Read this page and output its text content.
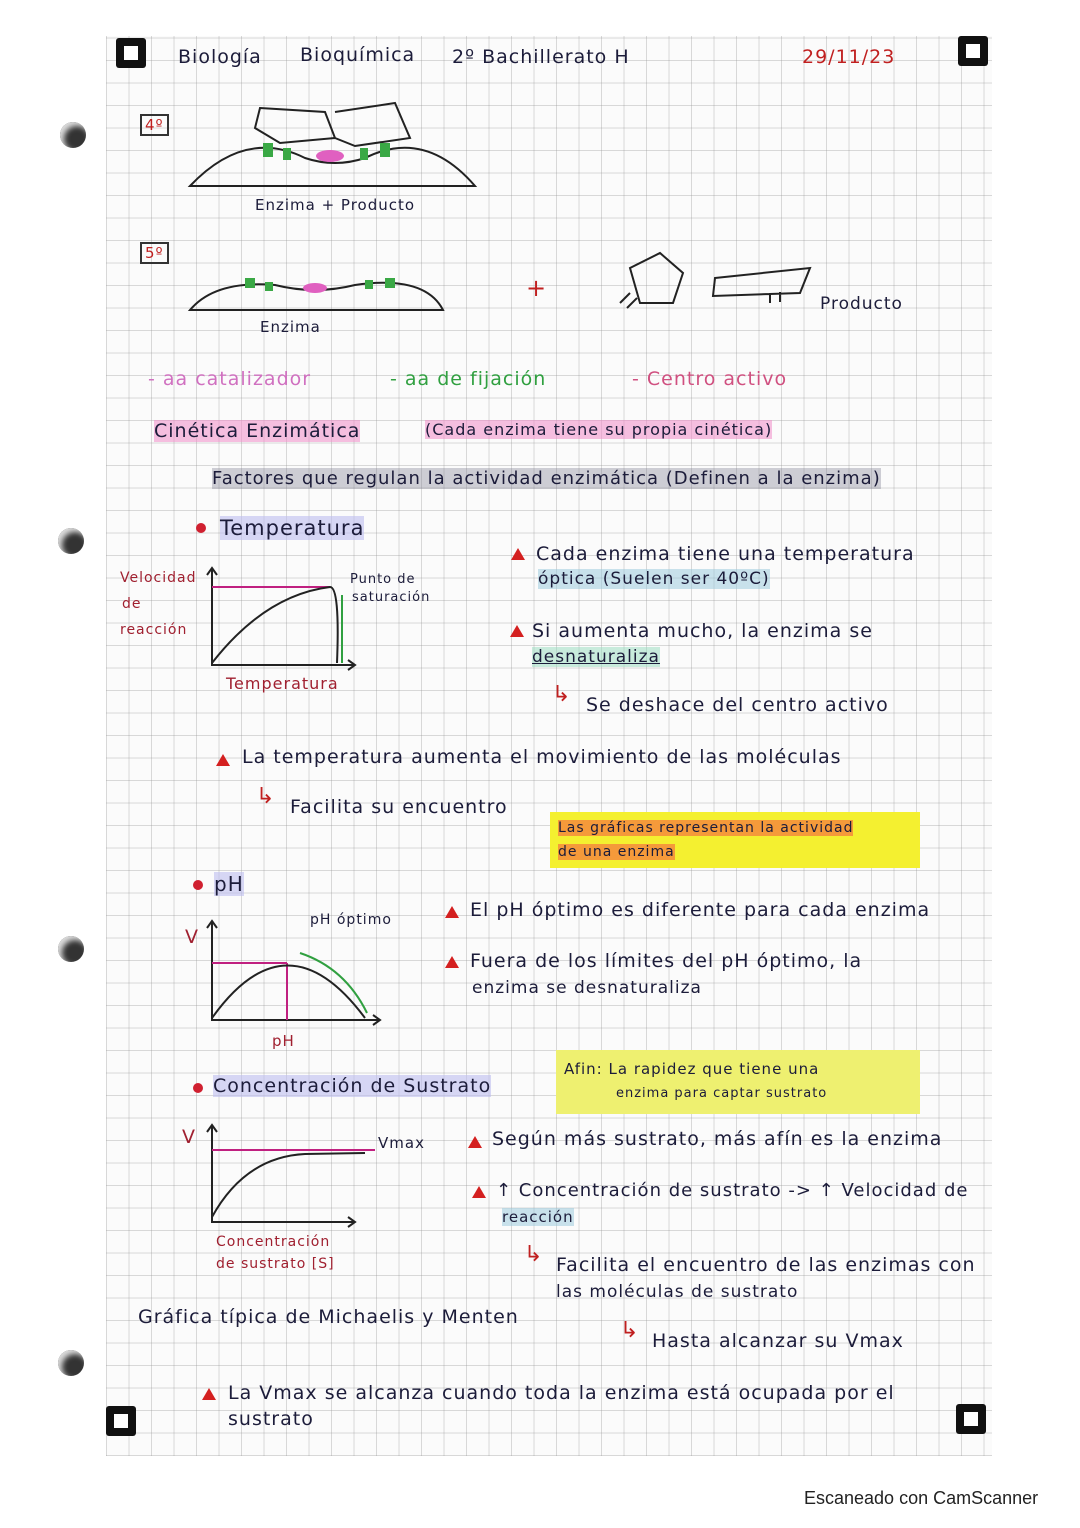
Biología Bioquímica 2º Bachillerato H	29/11/23
4º
Enzima + Producto
5º
Enzima
+
Producto
- aa catalizador	- aa de fijación	- Centro activo
Cinética Enzimática	(Cada enzima tiene su propia cinética)
Factores que regulan la actividad enzimática (Definen a la enzima)
Temperatura
Velocidad
de
reacción
Punto de
saturación
Temperatura
Cada enzima tiene una temperatura
óptica (Suelen ser 40ºC)
Si aumenta mucho, la enzima se
desnaturaliza
↳ Se deshace del centro activo
La temperatura aumenta el movimiento de las moléculas
↳ Facilita su encuentro
Las gráficas representan la actividad
de una enzima
pH
V
pH óptimo
pH
El pH óptimo es diferente para cada enzima
Fuera de los límites del pH óptimo, la
enzima se desnaturaliza
Concentración de Sustrato
Afin: La rapidez que tiene una
enzima para captar sustrato
V	Vmax
Concentración
de sustrato [S]
Gráfica típica de Michaelis y Menten
Según más sustrato, más afín es la enzima
↑ Concentración de sustrato -> ↑ Velocidad de
reacción
↳ Facilita el encuentro de las enzimas con
las moléculas de sustrato
↳ Hasta alcanzar su Vmax
La Vmax se alcanza cuando toda la enzima está ocupada por el
sustrato
Escaneado con CamScanner
